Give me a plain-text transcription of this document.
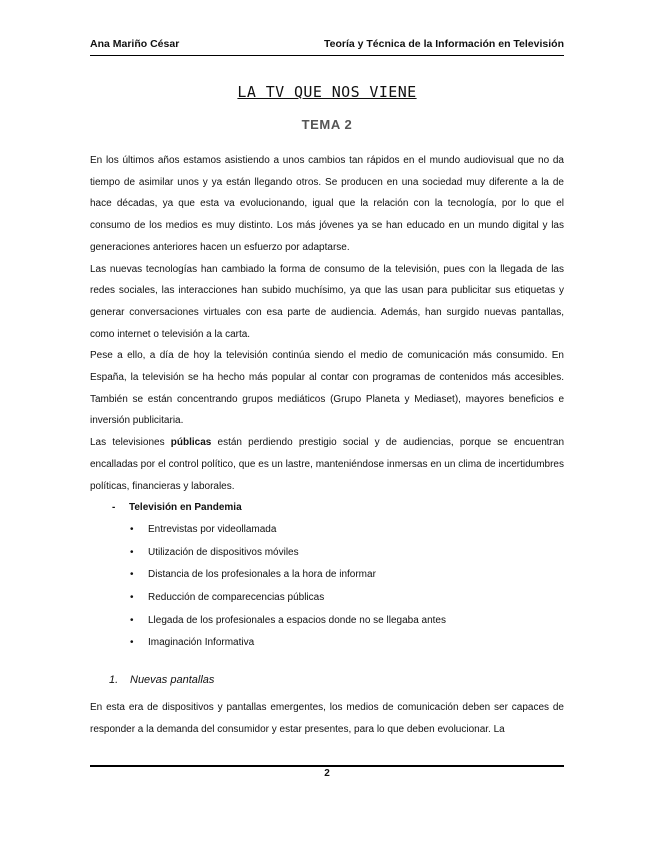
Ana Mariño César	Teoría y Técnica de la Información en Televisión
LA TV QUE NOS VIENE
TEMA 2

En los últimos años estamos asistiendo a unos cambios tan rápidos en el mundo audiovisual que no da tiempo de asimilar unos y ya están llegando otros. Se producen en una sociedad muy diferente a la de hace décadas, ya que esta va evolucionando, igual que la relación con la tecnología, por lo que el consumo de los medios es muy distinto. Los más jóvenes ya se han educado en un mundo digital y las generaciones anteriores hacen un esfuerzo por adaptarse.

Las nuevas tecnologías han cambiado la forma de consumo de la televisión, pues con la llegada de las redes sociales, las interacciones han subido muchísimo, ya que las usan para publicitar sus etiquetas y generar conversaciones virtuales con esa parte de audiencia. Además, han surgido nuevas pantallas, como internet o televisión a la carta.

Pese a ello, a día de hoy la televisión continúa siendo el medio de comunicación más consumido. En España, la televisión se ha hecho más popular al contar con programas de contenidos más accesibles. También se están concentrando grupos mediáticos (Grupo Planeta y Mediaset), mayores beneficios e inversión publicitaria.

Las televisiones públicas están perdiendo prestigio social y de audiencias, porque se encuentran encalladas por el control político, que es un lastre, manteniéndose inmersas en un clima de incertidumbres políticas, financieras y laborales.

-	Televisión en Pandemia
• Entrevistas por videollamada
• Utilización de dispositivos móviles
• Distancia de los profesionales a la hora de informar
• Reducción de comparecencias públicas
• Llegada de los profesionales a espacios donde no se llegaba antes
• Imaginación Informativa
1. Nuevas pantallas
En esta era de dispositivos y pantallas emergentes, los medios de comunicación deben ser capaces de responder a la demanda del consumidor y estar presentes, para lo que deben evolucionar. La
2
